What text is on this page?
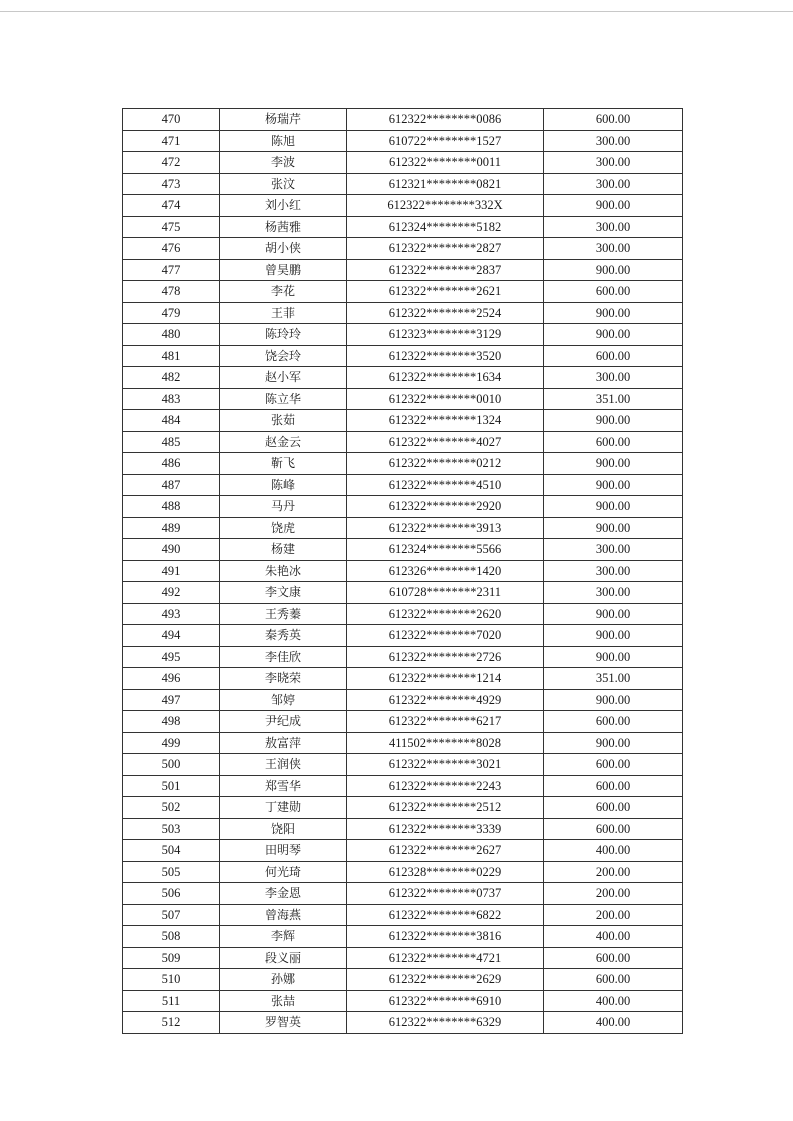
470	杨瑞芹	612322********0086	600.00
471	陈旭	610722********1527	300.00
472	李波	612322********0011	300.00
473	张汶	612321********0821	300.00
474	刘小红	612322********332X	900.00
475	杨茜雅	612324********5182	300.00
476	胡小侠	612322********2827	300.00
477	曾昊鹏	612322********2837	900.00
478	李花	612322********2621	600.00
479	王菲	612322********2524	900.00
480	陈玲玲	612323********3129	900.00
481	饶会玲	612322********3520	600.00
482	赵小军	612322********1634	300.00
483	陈立华	612322********0010	351.00
484	张茹	612322********1324	900.00
485	赵金云	612322********4027	600.00
486	靳飞	612322********0212	900.00
487	陈峰	612322********4510	900.00
488	马丹	612322********2920	900.00
489	饶虎	612322********3913	900.00
490	杨建	612324********5566	300.00
491	朱艳冰	612326********1420	300.00
492	李文康	610728********2311	300.00
493	王秀蓁	612322********2620	900.00
494	秦秀英	612322********7020	900.00
495	李佳欣	612322********2726	900.00
496	李晓荣	612322********1214	351.00
497	邹婷	612322********4929	900.00
498	尹纪成	612322********6217	600.00
499	敖富萍	411502********8028	900.00
500	王润侠	612322********3021	600.00
501	郑雪华	612322********2243	600.00
502	丁建勋	612322********2512	600.00
503	饶阳	612322********3339	600.00
504	田明琴	612322********2627	400.00
505	何光琦	612328********0229	200.00
506	李金恩	612322********0737	200.00
507	曾海燕	612322********6822	200.00
508	李辉	612322********3816	400.00
509	段义丽	612322********4721	600.00
510	孙娜	612322********2629	600.00
511	张喆	612322********6910	400.00
512	罗智英	612322********6329	400.00
